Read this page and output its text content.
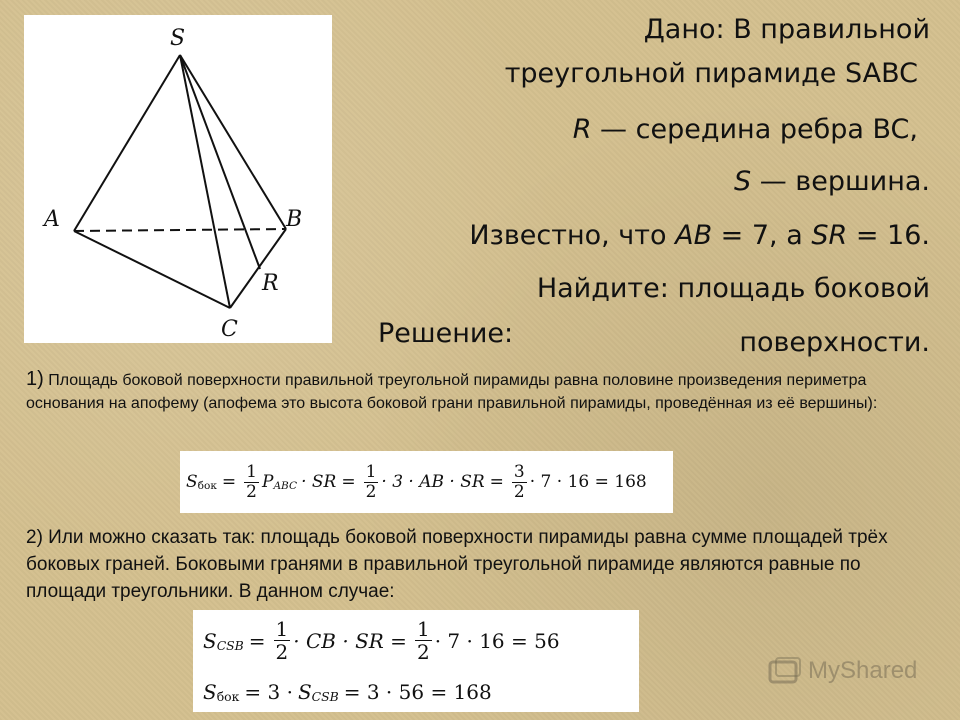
S
A	B
C
R
Дано: В правильной
треугольной пирамиде SABC
R — середина ребра BC,
S — вершина.
Известно, что AB = 7, а SR = 16.
Найдите: площадь боковой
поверхности.
Решение:
1) Площадь боковой поверхности правильной треугольной пирамиды равна половине произведения периметра основания на апофему (апофема это высота боковой грани правильной пирамиды, проведённая из её вершины):
S бок = $\frac{1}{2}$ P ABC · SR = $\frac{1}{2} \cdot 3$ · AB · SR = $\frac{3}{2} \cdot 7 \cdot 16 = 168$
2) Или можно сказать так: площадь боковой поверхности пирамиды равна сумме площадей трёх боковых граней. Боковыми гранями в правильной треугольной пирамиде являются равные по площади треугольники. В данном случае:
S CSB = $\frac{1}{2}$ · CB · SR = $\frac{1}{2} \cdot 7 \cdot 16 = 56$
S бок = 3 · S CSB = 3 · 56 = 168
MyShared
